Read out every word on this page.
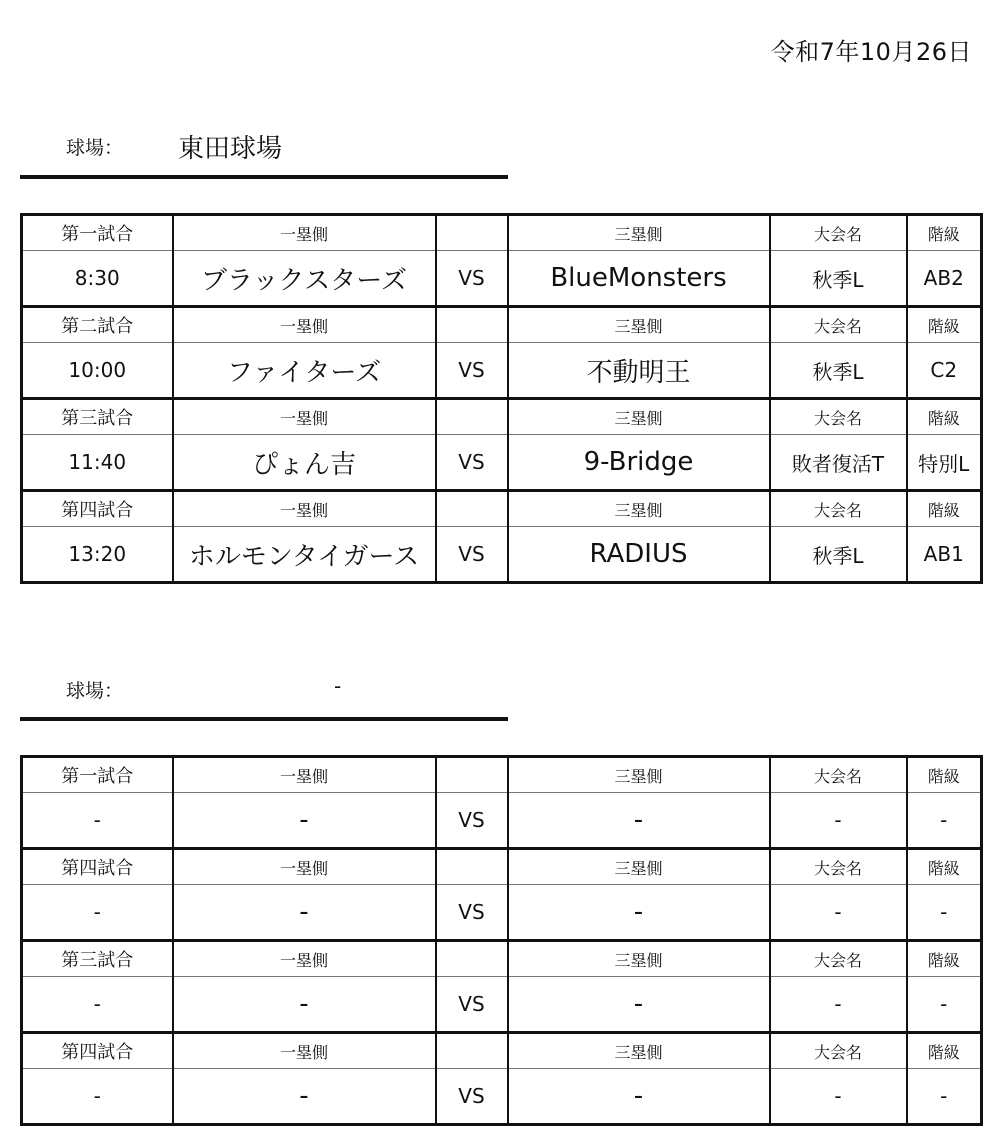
令和7年10月26日
球場： 東田球場
第一試合	一塁側		三塁側	大会名	階級
8:30	ブラックスターズ	VS	BlueMonsters	秋季L	AB2
第二試合	一塁側		三塁側	大会名	階級
10:00	ファイターズ	VS	不動明王	秋季L	C2
第三試合	一塁側		三塁側	大会名	階級
11:40	ぴょん吉	VS	9-Bridge	敗者復活T	特別L
第四試合	一塁側		三塁側	大会名	階級
13:20	ホルモンタイガース	VS	RADIUS	秋季L	AB1
球場：	-
第一試合	一塁側		三塁側	大会名	階級
-	-	VS	-	-	-
第四試合	一塁側		三塁側	大会名	階級
-	-	VS	-	-	-
第三試合	一塁側		三塁側	大会名	階級
-	-	VS	-	-	-
第四試合	一塁側		三塁側	大会名	階級
-	-	VS	-	-	-
